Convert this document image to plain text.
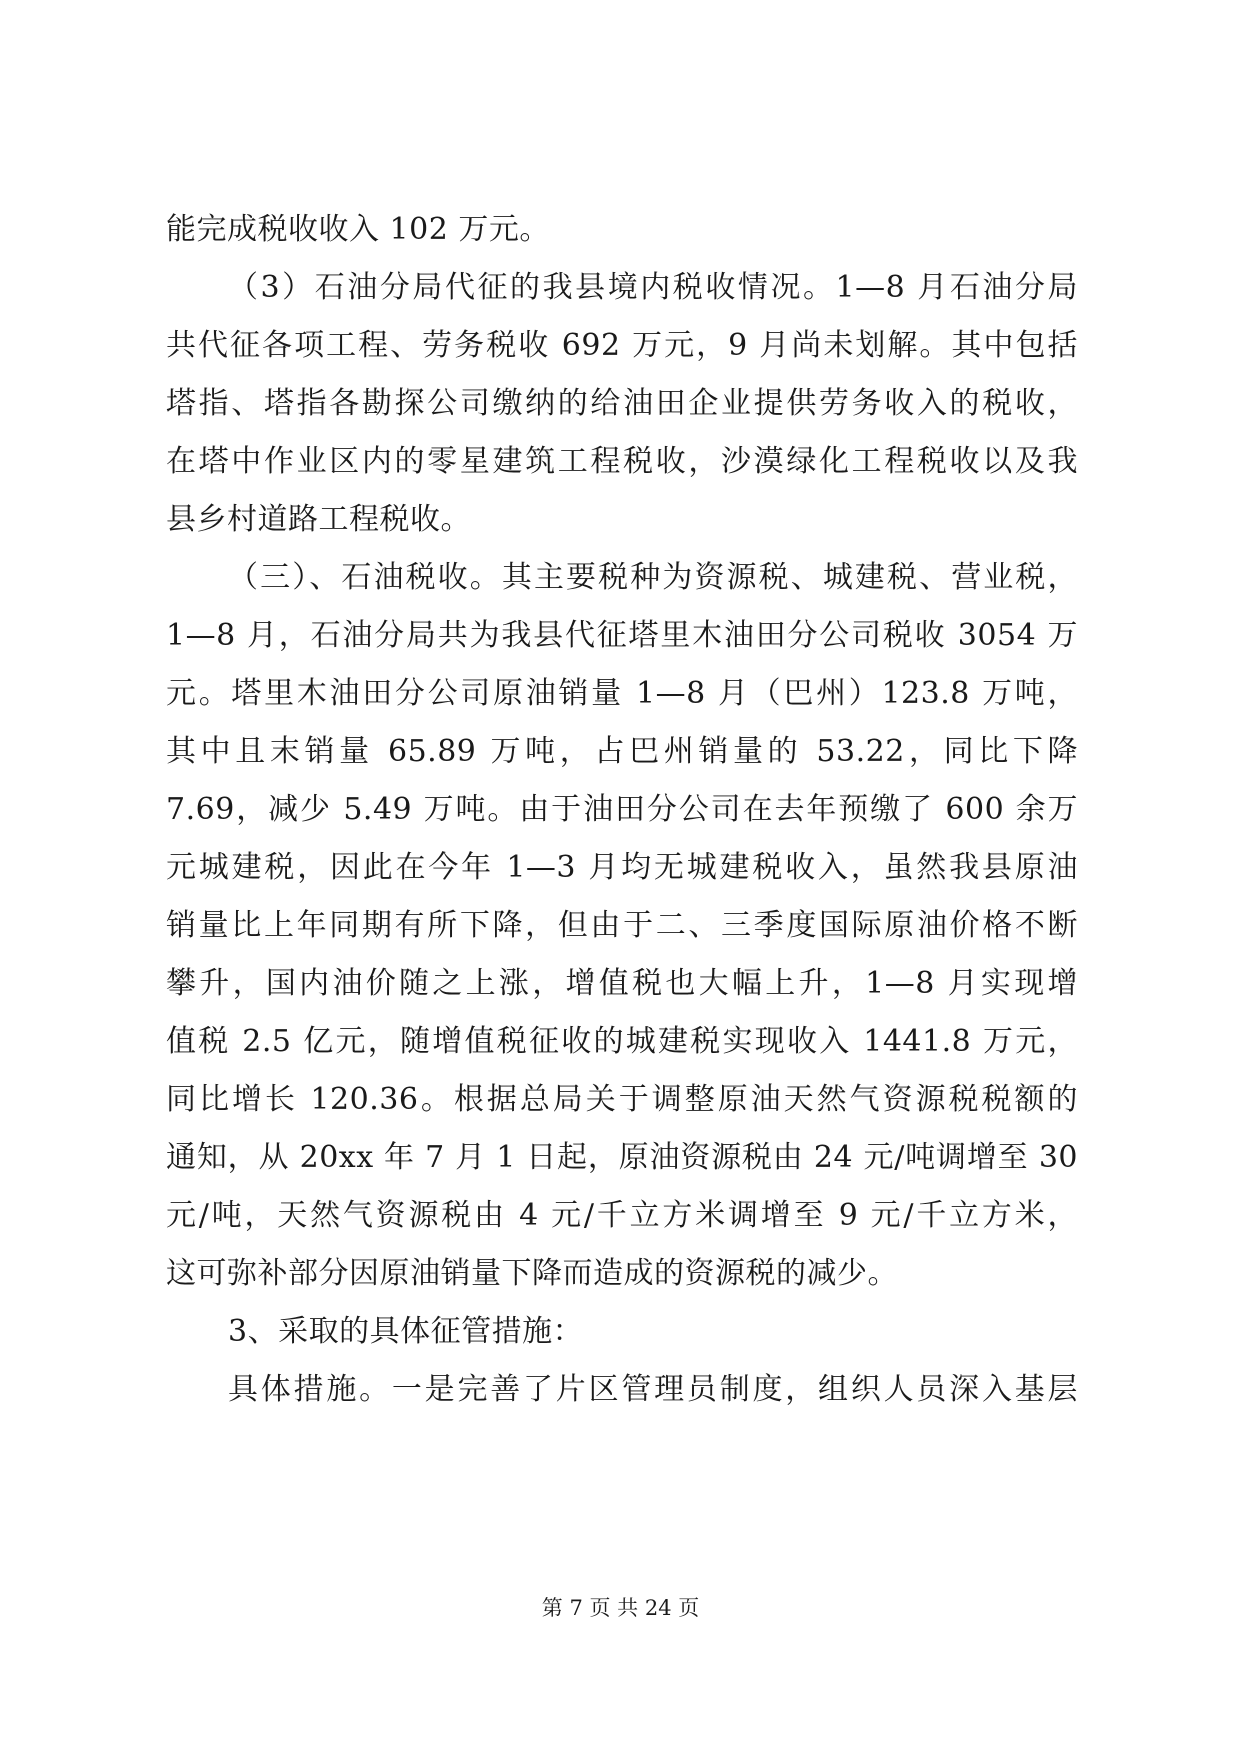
能完成税收收入 102 万元。
（3）石油分局代征的我县境内税收情况。1—8 月石油分局
共代征各项工程、劳务税收 692 万元，9 月尚未划解。其中包括
塔指、塔指各勘探公司缴纳的给油田企业提供劳务收入的税收，
在塔中作业区内的零星建筑工程税收，沙漠绿化工程税收以及我
县乡村道路工程税收。
（三）、石油税收。其主要税种为资源税、城建税、营业税，
1—8 月，石油分局共为我县代征塔里木油田分公司税收 3054 万
元。塔里木油田分公司原油销量 1—8 月（巴州）123.8 万吨，
其中且末销量 65.89 万吨，占巴州销量的 53.22，同比下降
7.69，减少 5.49 万吨。由于油田分公司在去年预缴了 600 余万
元城建税，因此在今年 1—3 月均无城建税收入，虽然我县原油
销量比上年同期有所下降，但由于二、三季度国际原油价格不断
攀升，国内油价随之上涨，增值税也大幅上升，1—8 月实现增
值税 2.5 亿元，随增值税征收的城建税实现收入 1441.8 万元，
同比增长 120.36。根据总局关于调整原油天然气资源税税额的
通知，从 20xx 年 7 月 1 日起，原油资源税由 24 元/吨调增至 30
元/吨，天然气资源税由 4 元/千立方米调增至 9 元/千立方米，
这可弥补部分因原油销量下降而造成的资源税的减少。
3、采取的具体征管措施：
具体措施。一是完善了片区管理员制度，组织人员深入基层
第 7 页 共 24 页
